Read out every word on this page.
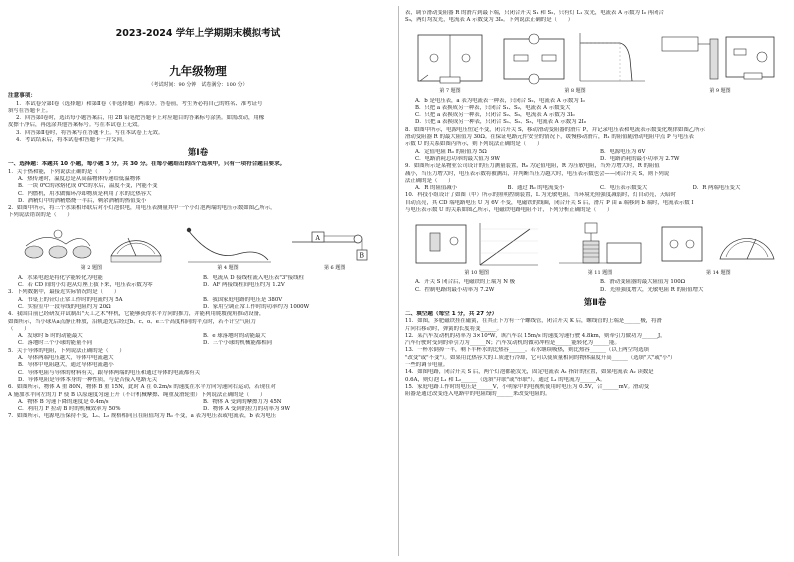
2023-2024 学年上学期期末模拟考试
九年级物理
（考试时间：90 分钟　试卷满分：100 分）
注意事项：
1．本试卷分第Ⅰ卷（选择题）和第Ⅱ卷（非选择题）两部分。答卷前，考生务必将自己的姓名、准考证号
填写在答题卡上。
2．回答第Ⅰ卷时，选出每小题答案后，用 2B 铅笔把答题卡上对应题目的答案标号涂黑。如需改动，用橡
皮擦干净后，再选涂其他答案标号。写在本试卷上无效。
3．回答第Ⅱ卷时，将答案写在答题卡上。写在本试卷上无效。
4．考试结束后，将本试卷和答题卡一并交回。
第Ⅰ卷
一、选择题：本题共 10 小题，每小题 3 分，共 30 分。在每小题给出的四个选项中，只有一项符合题目要求。
1．关于热和能，下列说法正确的是（　　）
A．热传递时，温度总是从高温物体传递给低温物体
B．一块 0℃的冰熔化成 0℃的水后，温度不变，内能不变
C．内燃机，用水做循环冷却物质是利用了水的比热容大
D．酒精灯中的酒精燃烧一半后，剩余酒精的热值变小
2．如图甲所示，将三个水果相串联后对小灯泡供电，用电压表测量其中一个小灯泡两端的电压示数如图乙所示，
下列说法错误的是（　　）
第 2 题图	第 4 题图
A
B
第 6 题图
A．水果电池是将化学能转化为电能	B．电流从 D 接线柱流入电压表"3"接线柱
C．若 CD 间的小灯泡从灯座上拔下来，电压表示数为零	D．AF 两接线柱间电压约为 1.2V
3．下列数据中，最接近实际情况的是（　　）
A．书桌上的台灯正常工作时的电流约为 5A	B．我国家庭电路的电压是 380V
C．实验室中一段导线的电阻约为 20Ω	D．家用空调正常工作时的功率约为 1000W
4．我国目前已经研发并试制出"天工之术"样机，它能够获得水平方向的推力，并能利用爬坡视角推动设备，
如图所示，当小球从a点静止释放，沿轨道先后经过b、c、o、e三个高度相同的平点时，若不计空气阻力
（　　）
A．发球时 b 时的动能最大	B．e 球落地时的动能最大
C．落地时三个小球的能量不同	D．三个小球的机械能都相同
5．关于导体的电阻，下列说法正确的是（　　）
A．导体两端电压越大，导体中电流越大
B．导体中电阻越大，通过导体电流越小
C．导体电阻与导体的材料有关，跟导体两端的电压和通过导体的电流都有关
D．导体电阻是导体本身的一种性质，与是否接入电路无关
6．如图所示，物体 A 重 80N，物体 B 重 15N，此时 A 在 0.2m/s 的速度在水平方向匀速向右运动，若现在对
A 施加水平向左的力 F 使 B 以原速度匀速上升（不计机械摩擦、绳重及滑轮重）下列说法正确的是（　　）
A．物体 B 匀速下降的速度是 0.4m/s	B．物体 A 受到的摩擦力为 45N
C．利用力 F 拉动 B 时的机械效率为 50%	D．物体 A 受到的拉力的功率为 9W
7．如图所示，电源电压保持不变，L₁、L₂ 规格相同且在阻值均为 R₀ 不变，a 表为电压表或电流表，b 表为电压
表，调节滑动变阻器 R 的滑片到最下端，只闭合开关 S₁ 和 S₂，只有灯 L₁ 发光，电流表 A 示数为 I₀ 再闭合
S₃，两灯均发光，电流表 A 示数变为 3I₀。下列说法正确的是（　　）
第 7 题图	第 8 题图	第 9 题图
A．b 是电压表，a 表为电流表一种表，只闭合 S₂，电流表 A 示数为 I₀
B．只把 a 表换成另一种表，只闭合 S₁、S₂，电流表 A 示数变大
C．只把 a 表换成另一种表，只闭合 S₂、S₃，电流表 A 示数为 3I₀
D．只把 a 表换成另一种表，只闭合 S₁、S₂、S₃，电流表 A 示数为 2I₀
8．如图甲所示，电源电压恒定不变，闭合开关 S，移动滑动变阻器的滑片 P，并记录电压表和电流表示数变化规律如图乙所示
滑动变阻器 R 的最大阻值为 30Ω。在保证电路元件安全的情况下，缓慢移动滑片，R₁ 的阻值随滑动电阻中点 P 与电压表
示数 U 的关系如图丙所示，则下列说法正确的是（　　）
A．定值电阻 R₀ 的阻值为 5Ω	B．电源电压为 6V
C．电路消耗总功率的最大值为 9W	D．电路消耗的最小功率为 2.7W
9．如图所示是某物业公司设计的压力测量装置，R₀ 为定值电阻，R 为压敏电阻，当外力增大时，R 的阻值
减小，当压力增大时，电压表示数将被测出，并判断当压力越大时，电压表示数也会——闭合开关 S，则下列说
法正确的是（　　）
A．R 的阻值减小	B．通过 R₀ 的电流变小	C．电压表示数变大	D．R 两端电压变大
10．科技小组设计了如图（甲）所示的照明控制装置，L 为光敏电阻，当环境光照强度减弱时，灯自动亮，天暗时
自动点亮，其 CD 端电路电压 U 为 6V 不变，电磁铁的线圈，闭合开关 S 后，滑片 P 由 a 端移到 b 端时，电流表示数 I
与电压表示数 U 的关系如图乙所示，电磁铁电路电阻不计，下列分析正确的是（　　）
第 10 题图	第 11 题图	第 14 题图
A．开关 S 闭合后，电磁铁的上端为 N 极	B．滑动变阻器的最大阻值为 100Ω
C．控制电路的最小功率为 7.2W	D．光照强度增大，光敏电阻 R 的阻值增大
第Ⅱ卷
二、填空题（每空 1 分，共 27 分）
11．如图，多肥磁铁挂在磁簧，在其正下方有一个螺线管，闭合开关 K 后，螺线管的上端是______极，将滑
片向右移动时，弹簧的长度将变______。
12．某汽车发动机的功率为 3×10⁴W，该汽车以 15m/s 的速度匀速行驶 4.8km，则牵引力做功为______J，
汽车行驶时受到的牵引力为______N；汽车发动机的做功冲程是______能转化为______能。
13．一杯水倒掉一半，剩下半杯水的比热容______，若水继续吸热，则比热容______（以上两空均选填
"改变"或"不变"）。如果用比热容大的工质进行冷却，它可以使质量相同的物体温度升高______（选填"大"或"小"）
一些的调节电量。
14．如图电路，闭合开关 S 后，两个灯泡都能发光，固定电流表 A₁ 指针的位置，如果电流表 A₂ 读数是
0.6A，则灯泡 L₁ 和 L₂______（选填"并联"或"串联"），通过 L₁ 的电流为______A。
15．家庭电路工作时的电压是______V，小明家中的电视机使用时电压为 0.5V，合______mV。滑动变
阻器是通过改变连入电路中的电阻线的______来改变电阻的。
